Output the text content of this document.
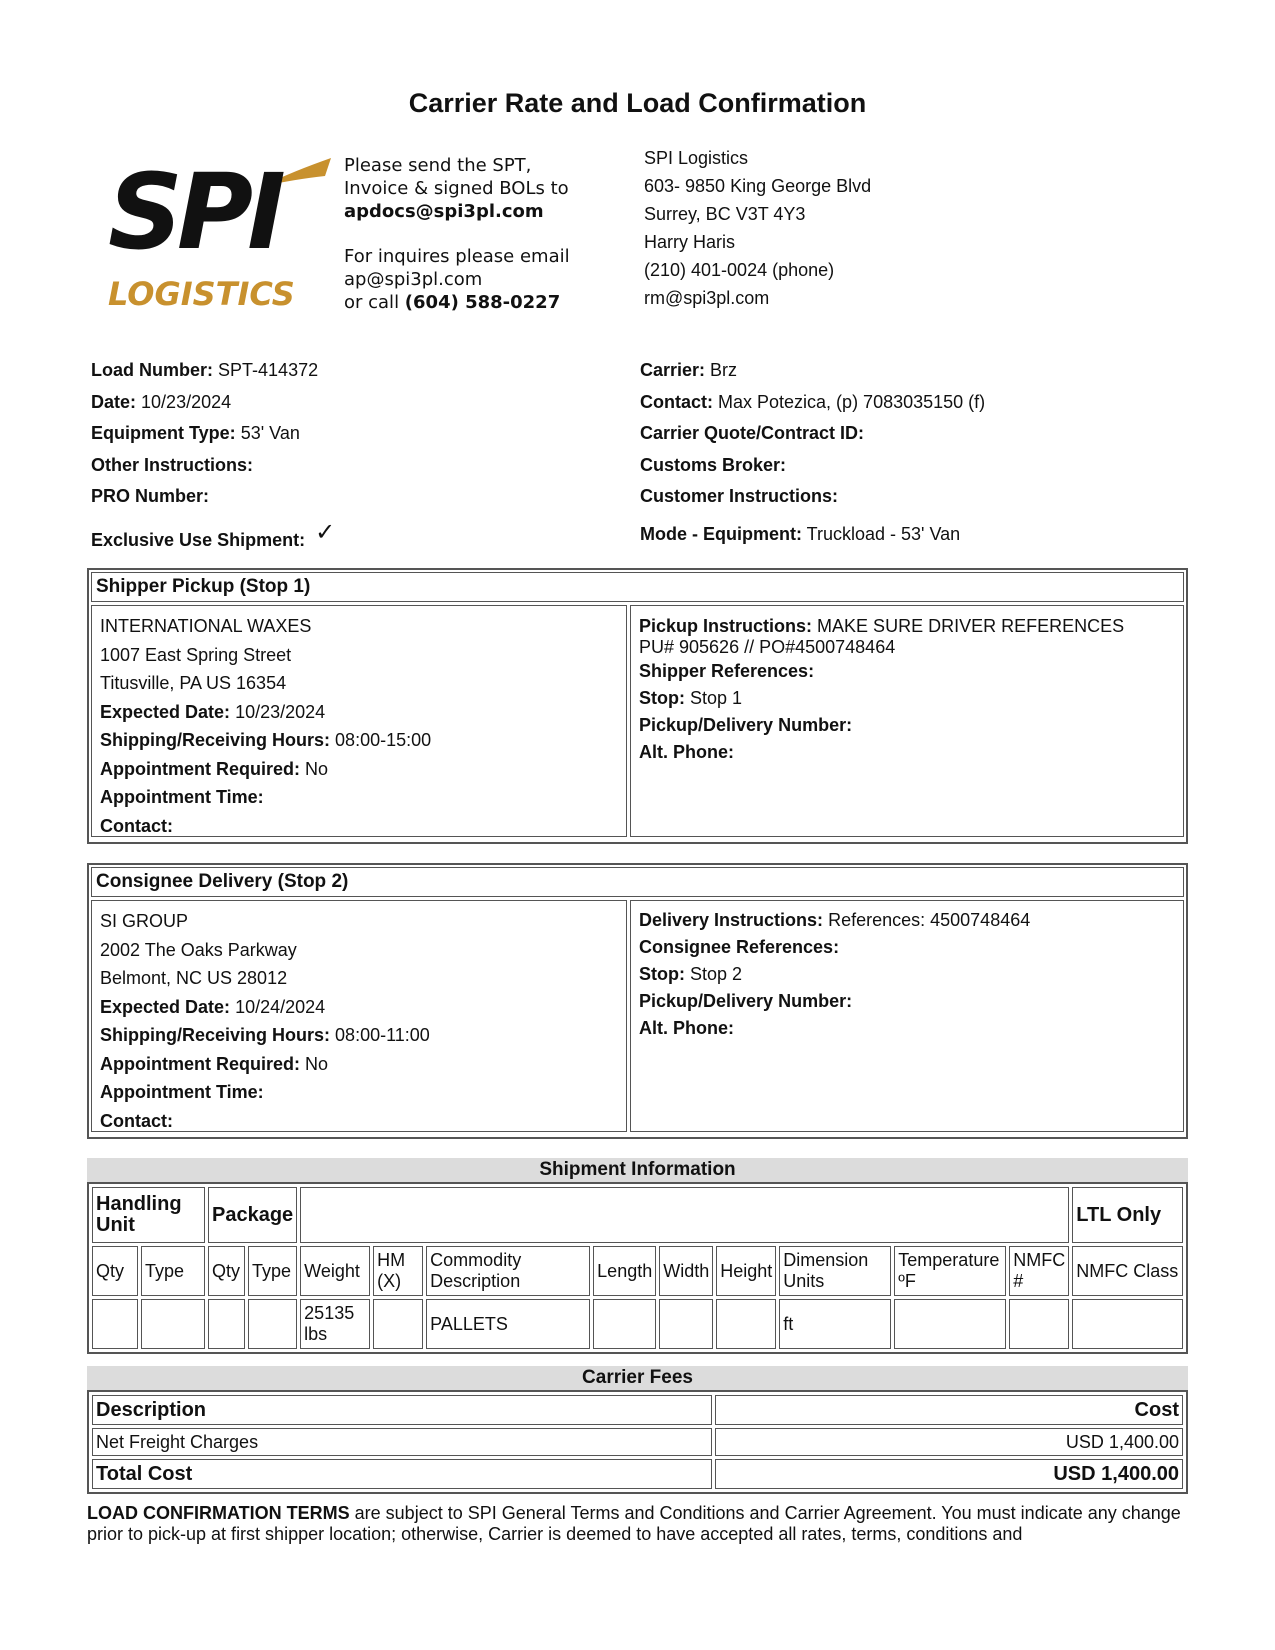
Carrier Rate and Load Confirmation
SPI
LOGISTICS
Please send the SPT,
Invoice & signed BOLs to
apdocs@spi3pl.com
For inquires please email
ap@spi3pl.com
or call (604) 588-0227
SPI Logistics
603- 9850 King George Blvd
Surrey, BC V3T 4Y3
Harry Haris
(210) 401-0024 (phone)
rm@spi3pl.com
Load Number: SPT-414372
Date: 10/23/2024
Equipment Type: 53' Van
Other Instructions:
PRO Number:
Exclusive Use Shipment: ✓
Carrier: Brz
Contact: Max Potezica, (p) 7083035150 (f)
Carrier Quote/Contract ID:
Customs Broker:
Customer Instructions:
Mode - Equipment: Truckload - 53' Van
Shipper Pickup (Stop 1)
INTERNATIONAL WAXES
1007 East Spring Street
Titusville, PA US 16354
Expected Date: 10/23/2024
Shipping/Receiving Hours: 08:00-15:00
Appointment Required: No
Appointment Time:
Contact:
Pickup Instructions: MAKE SURE DRIVER REFERENCES
PU# 905626 // PO#4500748464
Shipper References:
Stop: Stop 1
Pickup/Delivery Number:
Alt. Phone:
Consignee Delivery (Stop 2)
SI GROUP
2002 The Oaks Parkway
Belmont, NC US 28012
Expected Date: 10/24/2024
Shipping/Receiving Hours: 08:00-11:00
Appointment Required: No
Appointment Time:
Contact:
Delivery Instructions: References: 4500748464
Consignee References:
Stop: Stop 2
Pickup/Delivery Number:
Alt. Phone:
Shipment Information
Handling Unit		Package											LTL Only
Qty	Type	Qty	Type	Weight	HM (X)	Commodity Description	Length	Width	Height	Dimension Units	Temperature ºF	NMFC #	NMFC Class
				25135 lbs		PALLETS				ft			
Carrier Fees
Description	Cost
Net Freight Charges	USD 1,400.00
Total Cost	USD 1,400.00
LOAD CONFIRMATION TERMS are subject to SPI General Terms and Conditions and Carrier Agreement. You must indicate any change prior to pick-up at first shipper location; otherwise, Carrier is deemed to have accepted all rates, terms, conditions and
